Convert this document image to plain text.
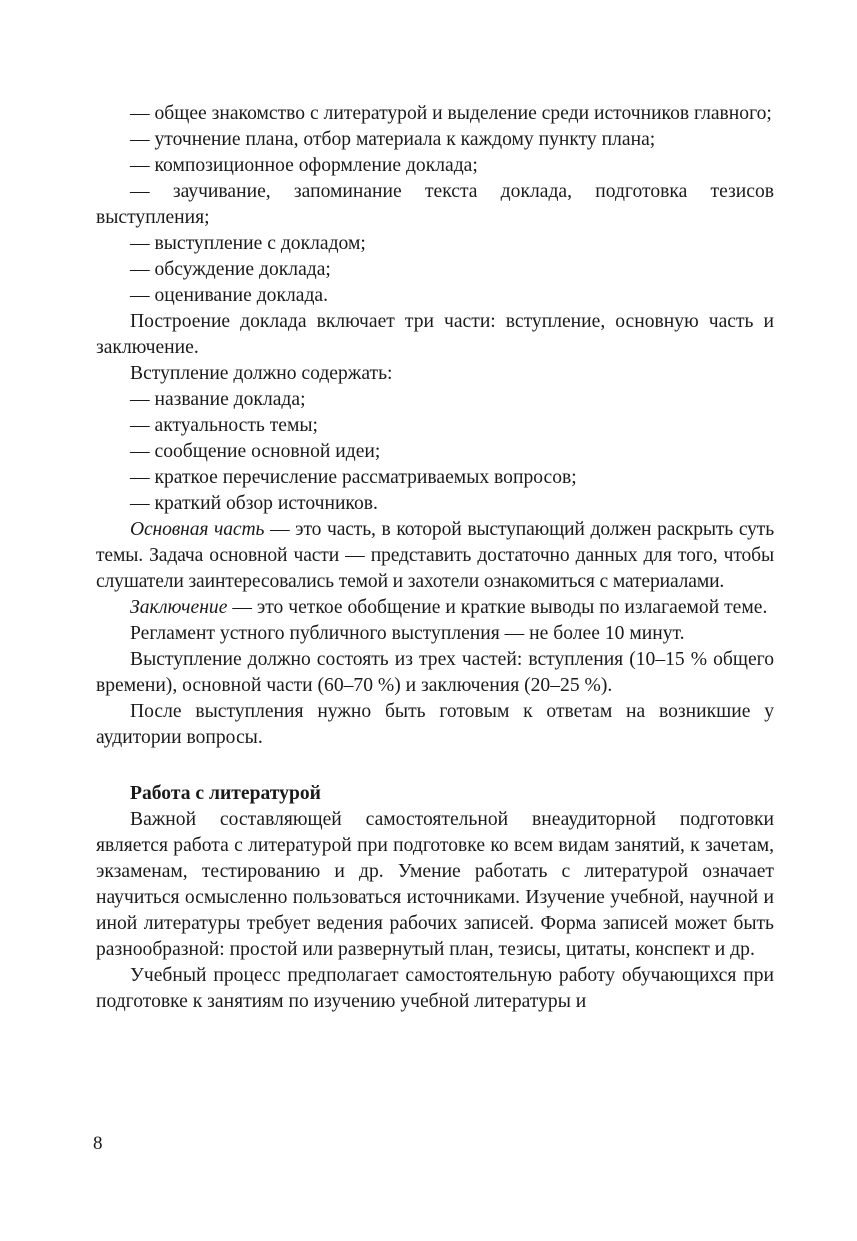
— общее знакомство с литературой и выделение среди источников главного;

— уточнение плана, отбор материала к каждому пункту плана;

— композиционное оформление доклада;

— заучивание, запоминание текста доклада, подготовка тезисов выступления;

— выступление с докладом;

— обсуждение доклада;

— оценивание доклада.

Построение доклада включает три части: вступление, основную часть и заключение.

Вступление должно содержать:

— название доклада;

— актуальность темы;

— сообщение основной идеи;

— краткое перечисление рассматриваемых вопросов;

— краткий обзор источников.

Основная часть — это часть, в которой выступающий должен раскрыть суть темы. Задача основной части — представить достаточно данных для того, чтобы слушатели заинтересовались темой и захотели ознакомиться с материалами.

Заключение — это четкое обобщение и краткие выводы по излагаемой теме.

Регламент устного публичного выступления — не более 10 минут.

Выступление должно состоять из трех частей: вступления (10–15 % общего времени), основной части (60–70 %) и заключения (20–25 %).

После выступления нужно быть готовым к ответам на возникшие у аудитории вопросы.

Работа с литературой

Важной составляющей самостоятельной внеаудиторной подготовки является работа с литературой при подготовке ко всем видам занятий, к зачетам, экзаменам, тестированию и др. Умение работать с литературой означает научиться осмысленно пользоваться источниками. Изучение учебной, научной и иной литературы требует ведения рабочих записей. Форма записей может быть разнообразной: простой или развернутый план, тезисы, цитаты, конспект и др.

Учебный процесс предполагает самостоятельную работу обучающихся при подготовке к занятиям по изучению учебной литературы и

8
